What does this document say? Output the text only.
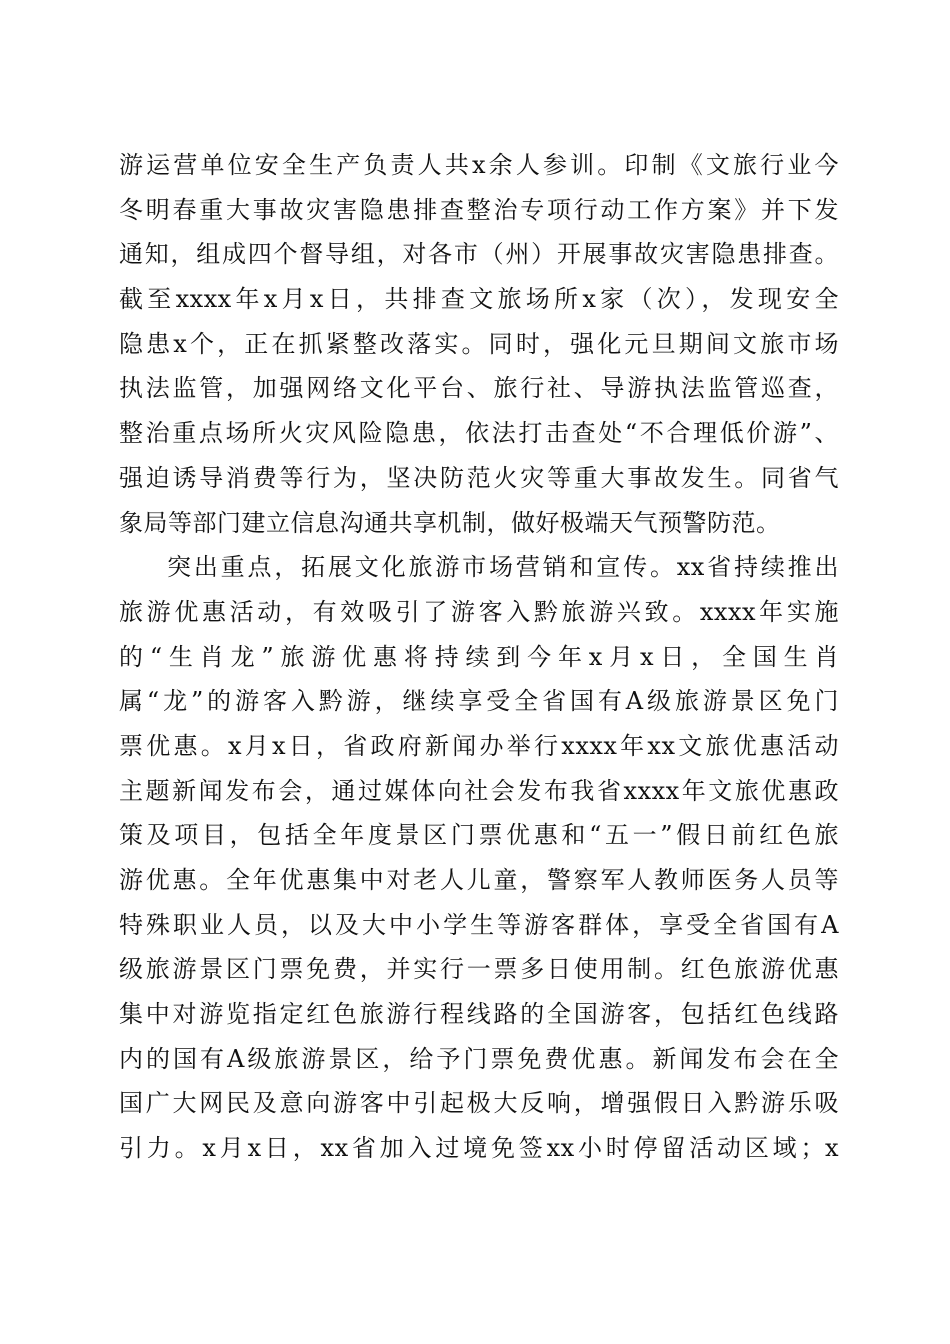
游运营单位安全生产负责人共x余人参训。印制《文旅行业今
冬明春重大事故灾害隐患排查整治专项行动工作方案》并下发
通知，组成四个督导组，对各市（州）开展事故灾害隐患排查。
截至xxxx年x月x日，共排查文旅场所x家（次），发现安全
隐患x个，正在抓紧整改落实。同时，强化元旦期间文旅市场
执法监管，加强网络文化平台、旅行社、导游执法监管巡查，
整治重点场所火灾风险隐患，依法打击查处“不合理低价游”、
强迫诱导消费等行为，坚决防范火灾等重大事故发生。同省气
象局等部门建立信息沟通共享机制，做好极端天气预警防范。
突出重点，拓展文化旅游市场营销和宣传。xx省持续推出
旅游优惠活动，有效吸引了游客入黔旅游兴致。xxxx年实施
的“生肖龙”旅游优惠将持续到今年x月x日，全国生肖
属“龙”的游客入黔游，继续享受全省国有A级旅游景区免门
票优惠。x月x日，省政府新闻办举行xxxx年xx文旅优惠活动
主题新闻发布会，通过媒体向社会发布我省xxxx年文旅优惠政
策及项目，包括全年度景区门票优惠和“五一”假日前红色旅
游优惠。全年优惠集中对老人儿童，警察军人教师医务人员等
特殊职业人员，以及大中小学生等游客群体，享受全省国有A
级旅游景区门票免费，并实行一票多日使用制。红色旅游优惠
集中对游览指定红色旅游行程线路的全国游客，包括红色线路
内的国有A级旅游景区，给予门票免费优惠。新闻发布会在全
国广大网民及意向游客中引起极大反响，增强假日入黔游乐吸
引力。x月x日，xx省加入过境免签xx小时停留活动区域；x
